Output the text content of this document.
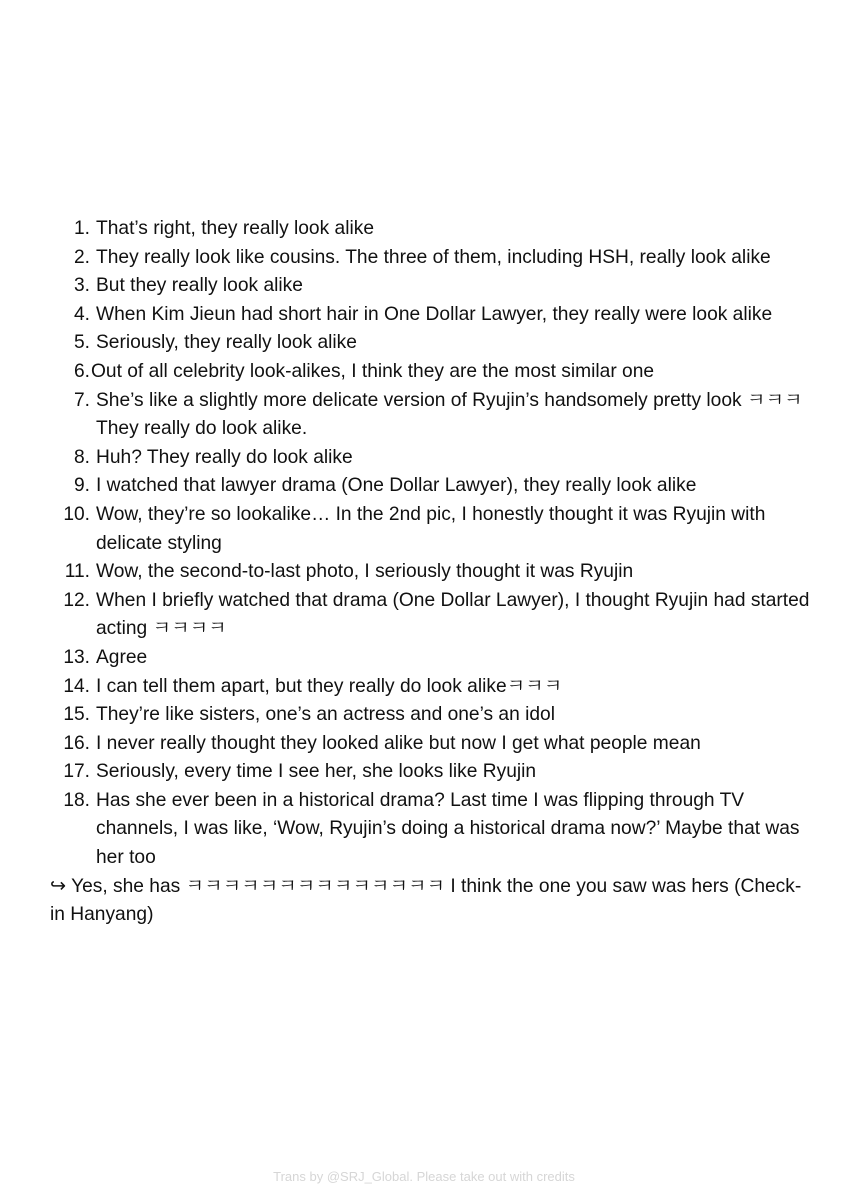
1. That’s right, they really look alike
2. They really look like cousins. The three of them, including HSH, really look alike
3. But they really look alike
4. When Kim Jieun had short hair in One Dollar Lawyer, they really were look alike
5. Seriously, they really look alike
6. Out of all celebrity look-alikes, I think they are the most similar one
7. She’s like a slightly more delicate version of Ryujin’s handsomely pretty look ㅋㅋㅋ They really do look alike.
8. Huh? They really do look alike
9. I watched that lawyer drama (One Dollar Lawyer), they really look alike
10. Wow, they’re so lookalike… In the 2nd pic, I honestly thought it was Ryujin with delicate styling
11. Wow, the second-to-last photo, I seriously thought it was Ryujin
12. When I briefly watched that drama (One Dollar Lawyer), I thought Ryujin had started acting ㅋㅋㅋㅋ
13. Agree
14. I can tell them apart, but they really do look alikeㅋㅋㅋ
15. They’re like sisters, one’s an actress and one’s an idol
16. I never really thought they looked alike but now I get what people mean
17. Seriously, every time I see her, she looks like Ryujin
18. Has she ever been in a historical drama? Last time I was flipping through TV channels, I was like, ‘Wow, Ryujin’s doing a historical drama now?’ Maybe that was her too
↪ Yes, she has ㅋㅋㅋㅋㅋㅋㅋㅋㅋㅋㅋㅋㅋㅋ I think the one you saw was hers (Check-in Hanyang)
Trans by @SRJ_Global. Please take out with credits
